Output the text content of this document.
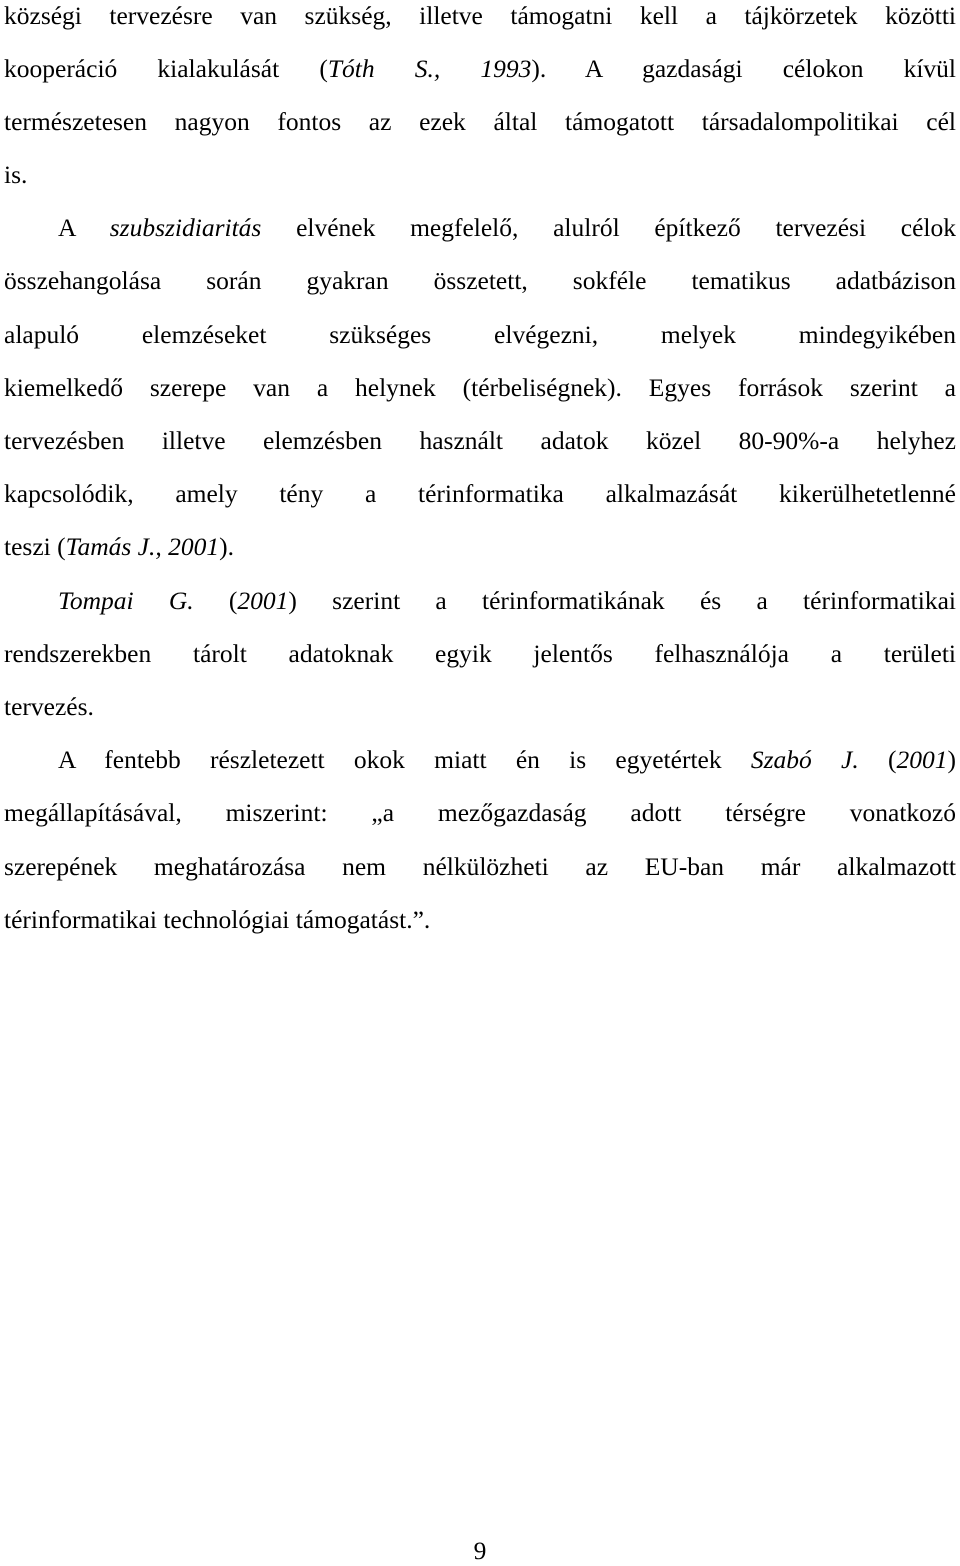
községi tervezésre van szükség, illetve támogatni kell a tájkörzetek közötti
kooperáció kialakulását (Tóth S., 1993). A gazdasági célokon kívül
természetesen nagyon fontos az ezek által támogatott társadalompolitikai cél
is.
A szubszidiaritás elvének megfelelő, alulról építkező tervezési célok
összehangolása során gyakran összetett, sokféle tematikus adatbázison
alapuló elemzéseket szükséges elvégezni, melyek mindegyikében
kiemelkedő szerepe van a helynek (térbeliségnek). Egyes források szerint a
tervezésben illetve elemzésben használt adatok közel 80-90%-a helyhez
kapcsolódik, amely tény a térinformatika alkalmazását kikerülhetetlenné
teszi (Tamás J., 2001).
Tompai G. (2001) szerint a térinformatikának és a térinformatikai
rendszerekben tárolt adatoknak egyik jelentős felhasználója a területi
tervezés.
A fentebb részletezett okok miatt én is egyetértek Szabó J. (2001)
megállapításával, miszerint: „a mezőgazdaság adott térségre vonatkozó
szerepének meghatározása nem nélkülözheti az EU-ban már alkalmazott
térinformatikai technológiai támogatást.”.
9
